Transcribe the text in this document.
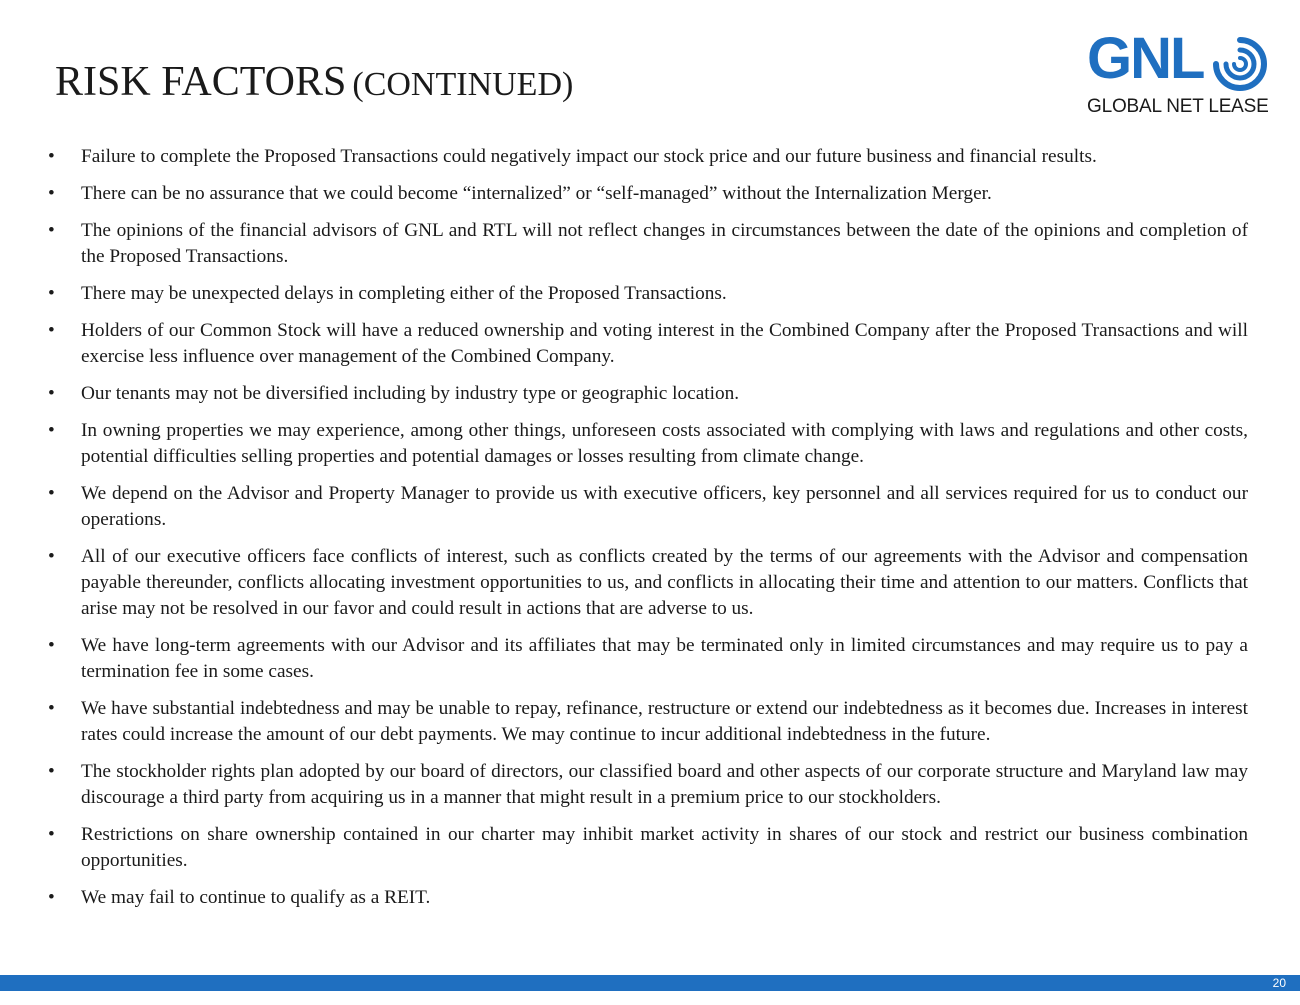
RISK FACTORS (CONTINUED)	GNL
GLOBAL NET LEASE
• Failure to complete the Proposed Transactions could negatively impact our stock price and our future business and financial results.
• There can be no assurance that we could become “internalized” or “self-managed” without the Internalization Merger.
• The opinions of the financial advisors of GNL and RTL will not reflect changes in circumstances between the date of the opinions and completion of the Proposed Transactions.
• There may be unexpected delays in completing either of the Proposed Transactions.
• Holders of our Common Stock will have a reduced ownership and voting interest in the Combined Company after the Proposed Transactions and will exercise less influence over management of the Combined Company.
• Our tenants may not be diversified including by industry type or geographic location.
• In owning properties we may experience, among other things, unforeseen costs associated with complying with laws and regulations and other costs, potential difficulties selling properties and potential damages or losses resulting from climate change.
• We depend on the Advisor and Property Manager to provide us with executive officers, key personnel and all services required for us to conduct our operations.
• All of our executive officers face conflicts of interest, such as conflicts created by the terms of our agreements with the Advisor and compensation payable thereunder, conflicts allocating investment opportunities to us, and conflicts in allocating their time and attention to our matters. Conflicts that arise may not be resolved in our favor and could result in actions that are adverse to us.
• We have long-term agreements with our Advisor and its affiliates that may be terminated only in limited circumstances and may require us to pay a termination fee in some cases.
• We have substantial indebtedness and may be unable to repay, refinance, restructure or extend our indebtedness as it becomes due. Increases in interest rates could increase the amount of our debt payments. We may continue to incur additional indebtedness in the future.
• The stockholder rights plan adopted by our board of directors, our classified board and other aspects of our corporate structure and Maryland law may discourage a third party from acquiring us in a manner that might result in a premium price to our stockholders.
• Restrictions on share ownership contained in our charter may inhibit market activity in shares of our stock and restrict our business combination opportunities.
• We may fail to continue to qualify as a REIT.
20
